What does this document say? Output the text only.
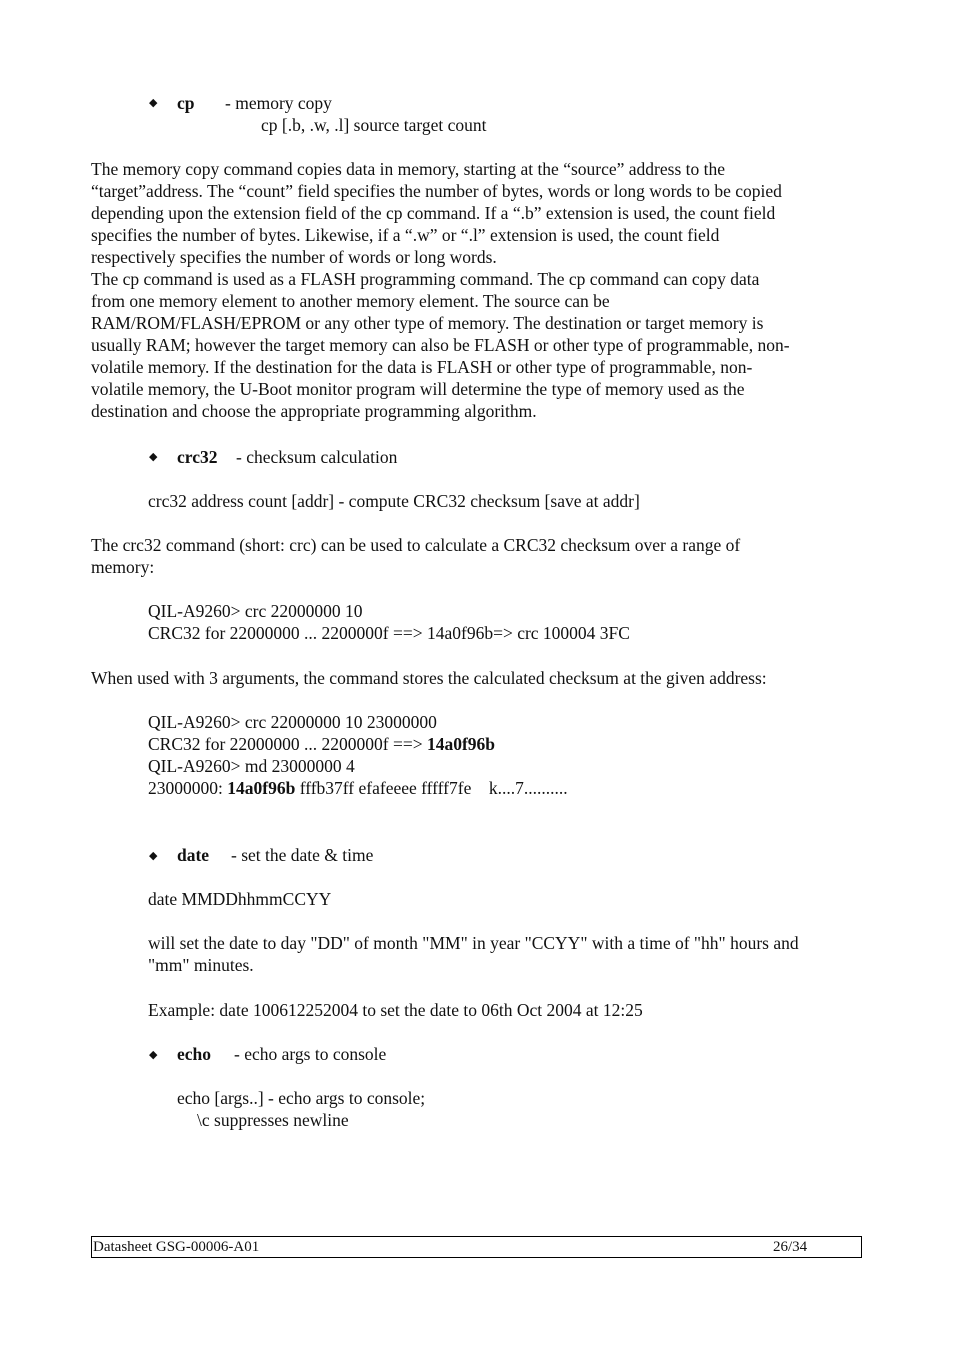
◆ cp - memory copy
cp [.b, .w, .l] source target count

The memory copy command copies data in memory, starting at the “source” address to the

“target”address. The “count” field specifies the number of bytes, words or long words to be copied

depending upon the extension field of the cp command. If a “.b” extension is used, the count field

specifies the number of bytes. Likewise, if a “.w” or “.l” extension is used, the count field

respectively specifies the number of words or long words.

The cp command is used as a FLASH programming command. The cp command can copy data

from one memory element to another memory element. The source can be

RAM/ROM/FLASH/EPROM or any other type of memory. The destination or target memory is

usually RAM; however the target memory can also be FLASH or other type of programmable, non-

volatile memory. If the destination for the data is FLASH or other type of programmable, non-

volatile memory, the U-Boot monitor program will determine the type of memory used as the

destination and choose the appropriate programming algorithm.

◆ crc32 - checksum calculation
crc32 address count [addr] - compute CRC32 checksum [save at addr]

The crc32 command (short: crc) can be used to calculate a CRC32 checksum over a range of

memory:

QIL-A9260> crc 22000000 10
CRC32 for 22000000 ... 2200000f ==> 14a0f96b=> crc 100004 3FC
When used with 3 arguments, the command stores the calculated checksum at the given address:
QIL-A9260> crc 22000000 10 23000000
CRC32 for 22000000 ... 2200000f ==> 14a0f96b
QIL-A9260> md 23000000 4
23000000: 14a0f96b fffb37ff efafeeee fffff7fe    k....7..........
◆ date - set the date & time
date MMDDhhmmCCYY
will set the date to day "DD" of month "MM" in year "CCYY" with a time of "hh" hours and
"mm" minutes.
Example: date 100612252004 to set the date to 06th Oct 2004 at 12:25
◆ echo - echo args to console
echo [args..] - echo args to console;
\c suppresses newline
Datasheet GSG-00006-A01	26/34
